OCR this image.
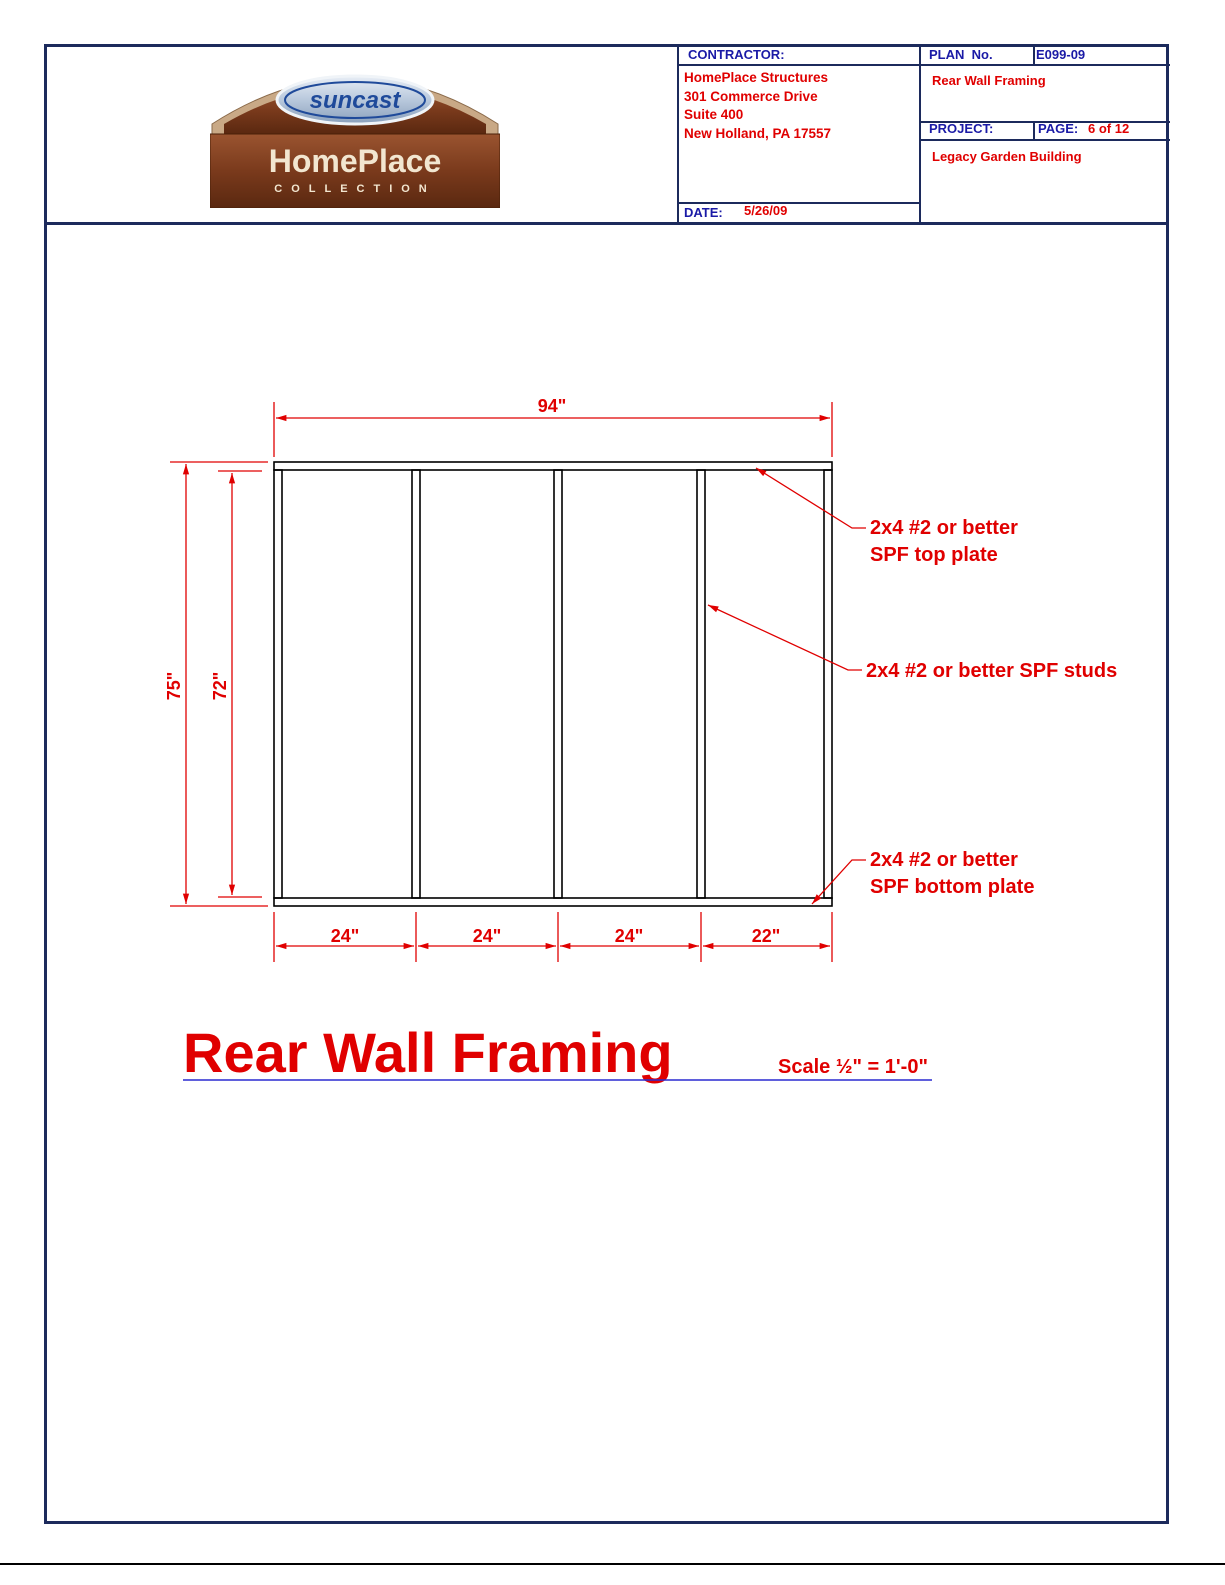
suncast
HomePlace
COLLECTION
CONTRACTOR:
HomePlace Structures
301 Commerce Drive
Suite 400
New Holland, PA 17557
DATE: 5/26/09
PLAN  No.	E099-09
Rear Wall Framing
PROJECT:	PAGE: 6 of 12
Legacy Garden Building
94"
75" 72"
24"	24"	24"	22"
2x4 #2 or better
SPF top plate
2x4 #2 or better SPF studs
2x4 #2 or better
SPF bottom plate
Rear Wall Framing	Scale ½" = 1'-0"
